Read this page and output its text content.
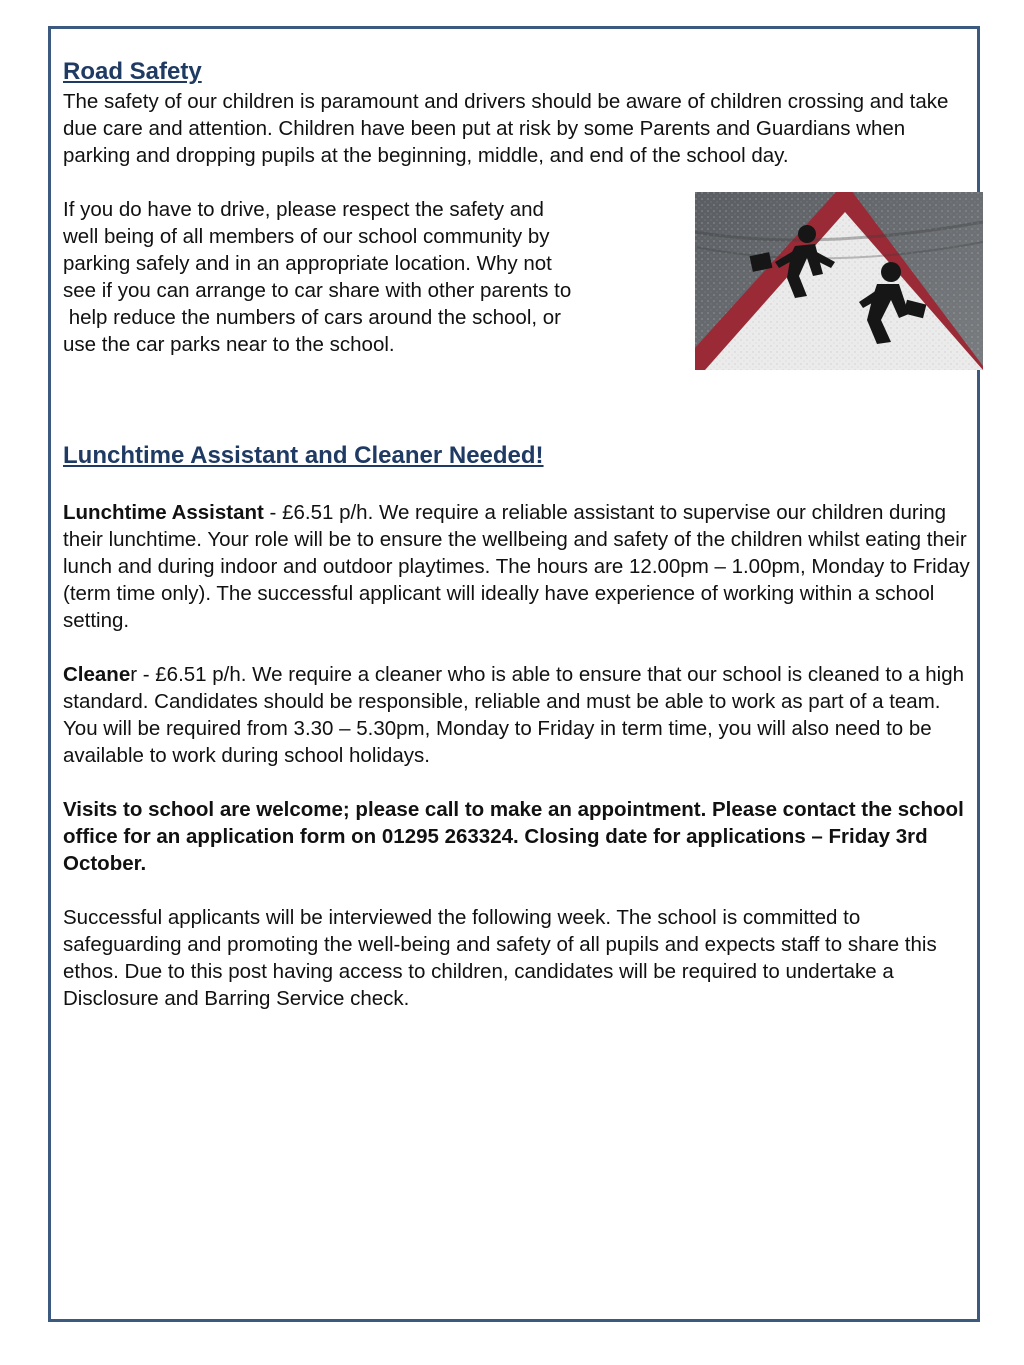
Road Safety

The safety of our children is paramount and drivers should be aware of children crossing and take due care and attention. Children have been put at risk by some Parents and Guardians when parking and dropping pupils at the beginning, middle, and end of the school day.

If you do have to drive, please respect the safety and
well being of all members of our school community by
parking safely and in an appropriate location. Why not
see if you can arrange to car share with other parents to
help reduce the numbers of cars around the school, or
use the car parks near to the school.
Lunchtime Assistant and Cleaner Needed!

Lunchtime Assistant - £6.51 p/h. We require a reliable assistant to supervise our children during their lunchtime. Your role will be to ensure the wellbeing and safety of the children whilst eating their lunch and during indoor and outdoor playtimes. The hours are 12.00pm – 1.00pm, Monday to Friday (term time only). The successful applicant will ideally have experience of working within a school setting.

Cleaner - £6.51 p/h. We require a cleaner who is able to ensure that our school is cleaned to a high standard. Candidates should be responsible, reliable and must be able to work as part of a team. You will be required from 3.30 – 5.30pm, Monday to Friday in term time, you will also need to be available to work during school holidays.

Visits to school are welcome; please call to make an appointment. Please contact the school office for an application form on 01295 263324. Closing date for applications – Friday 3rd October.

Successful applicants will be interviewed the following week. The school is committed to safeguarding and promoting the well-being and safety of all pupils and expects staff to share this ethos. Due to this post having access to children, candidates will be required to undertake a Disclosure and Barring Service check.
